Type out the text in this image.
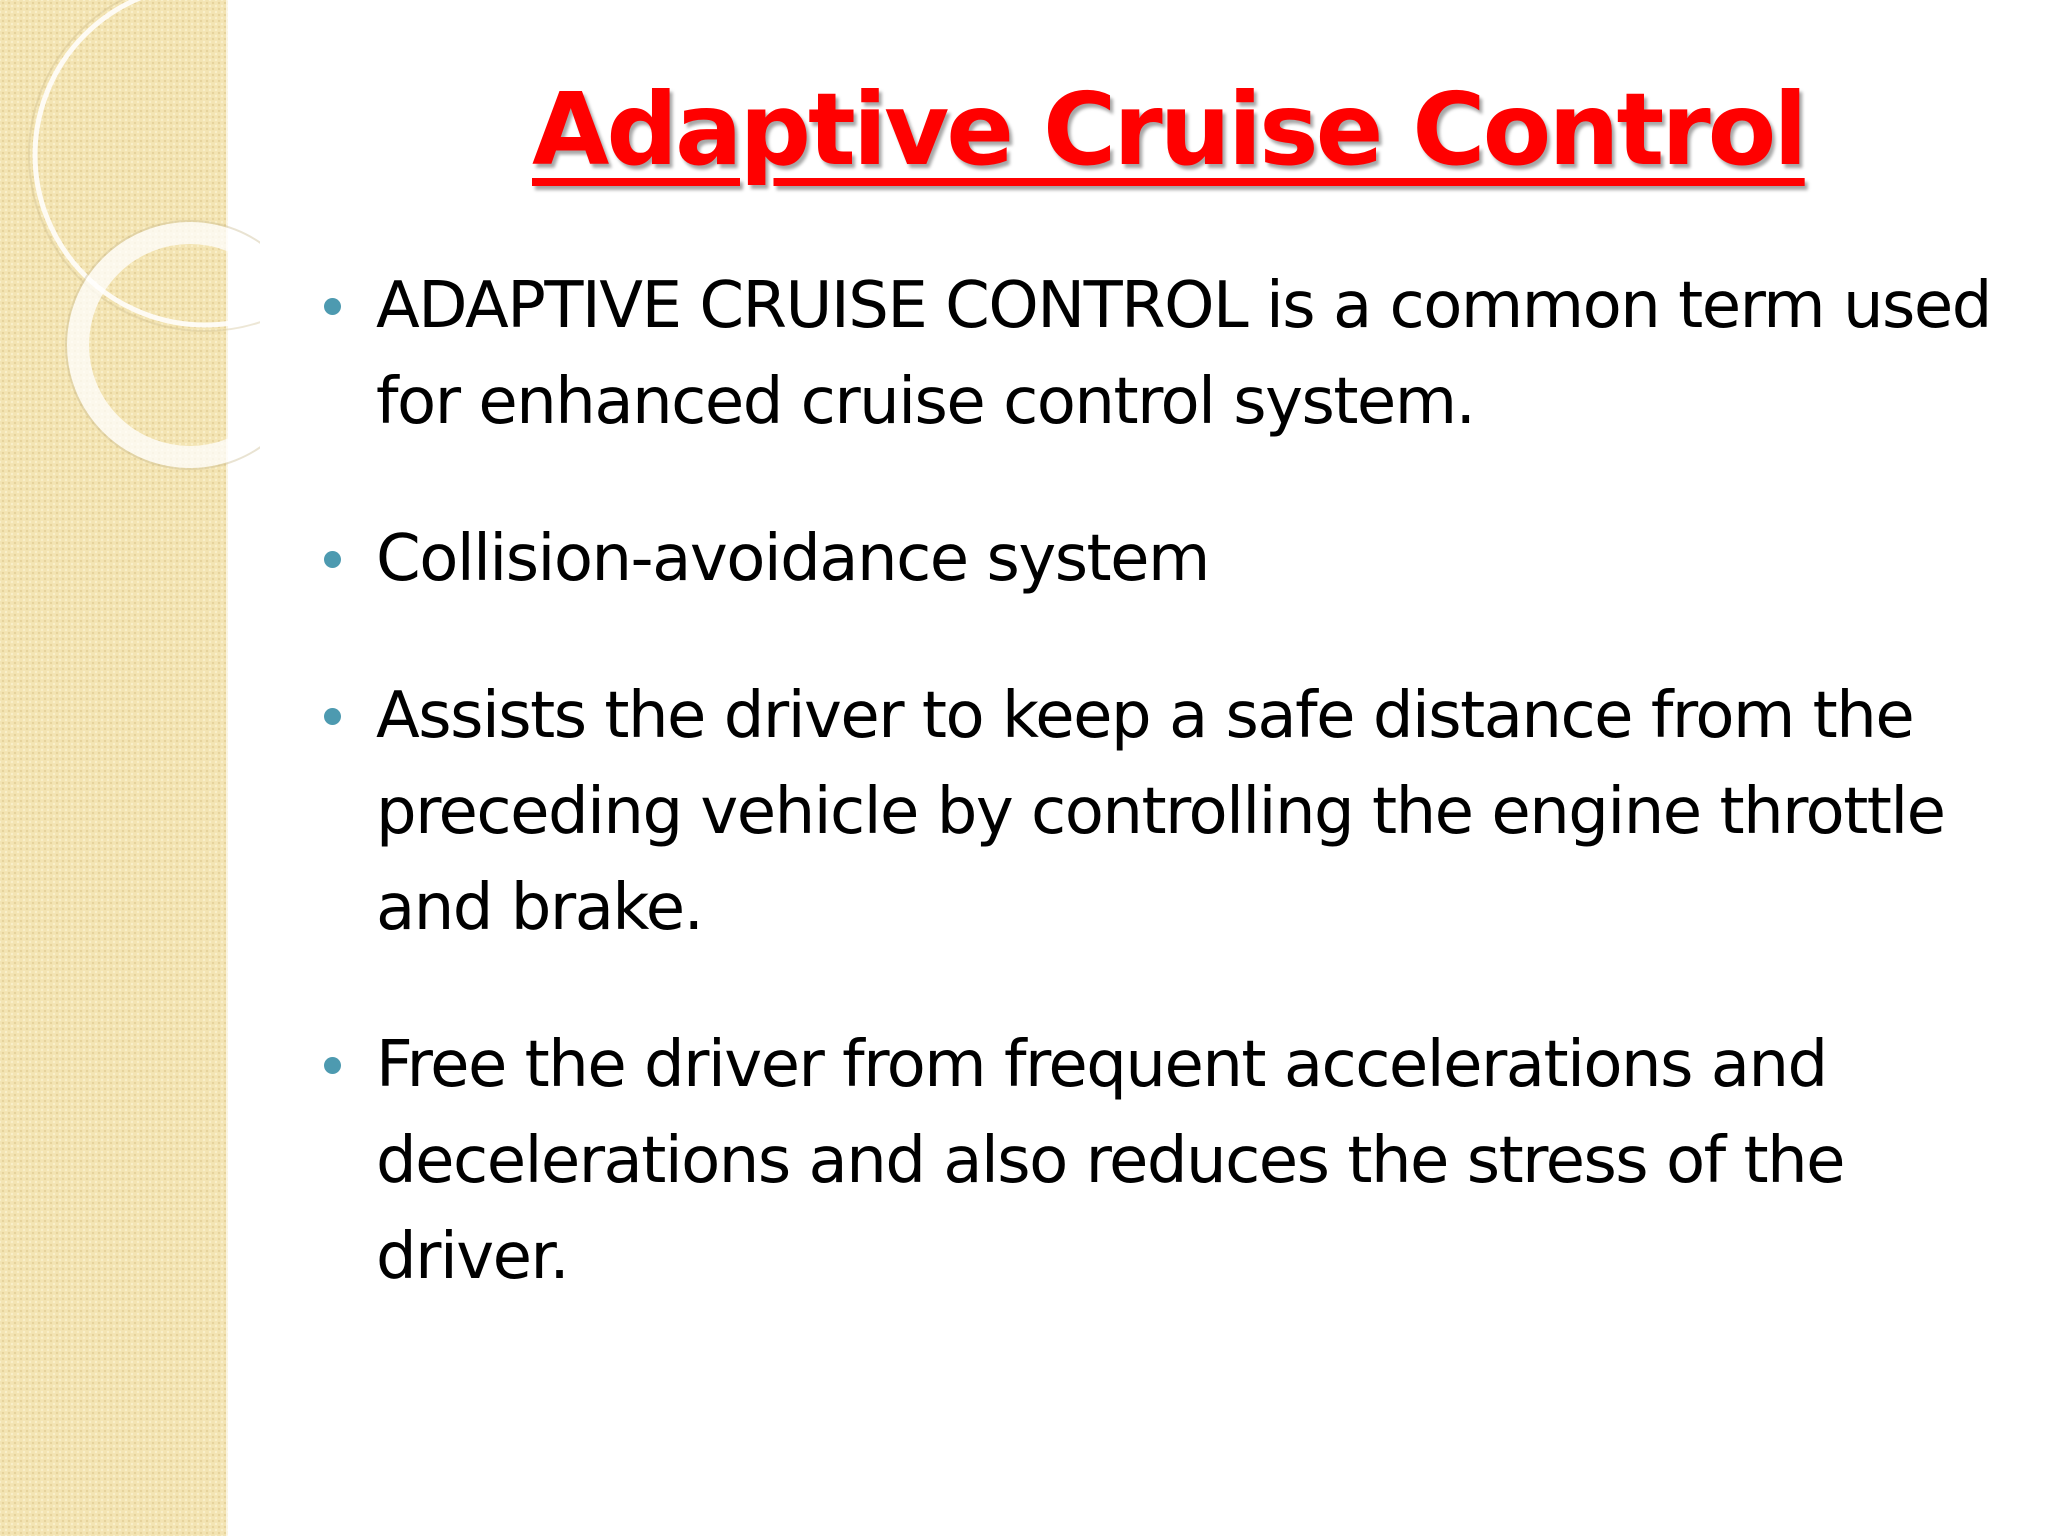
Adaptive Cruise Control
ADAPTIVE CRUISE CONTROL is a common term used for enhanced cruise control system.
Collision-avoidance system
Assists the driver to keep a safe distance from the preceding vehicle by controlling the engine throttle and brake.
Free the driver from frequent accelerations and decelerations and also reduces the stress of the driver.
